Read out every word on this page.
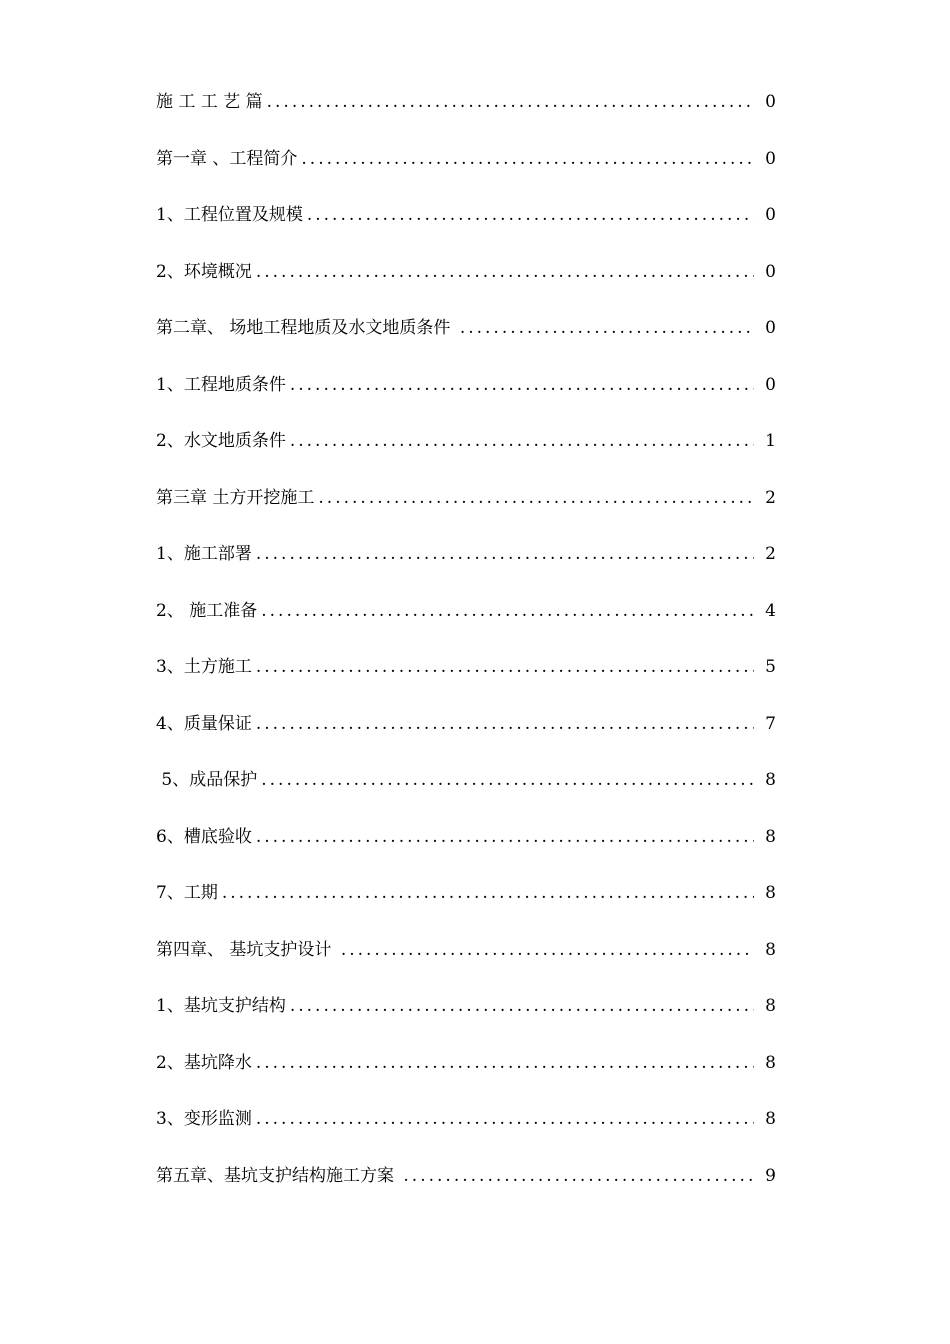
施 工 工 艺 篇 .....	0
第一章 、工程简介 .....	0
1、工程位置及规模 .....	0
2、环境概况 .....	0
第二章、 场地工程地质及水文地质条件 .....	0
1、工程地质条件 .....	0
2、水文地质条件 .....	1
第三章 土方开挖施工 .....	2
1、施工部署 .....	2
2、 施工准备 .....	4
3、土方施工 .....	5
4、质量保证 .....	7
5、成品保护 .....	8
6、槽底验收 .....	8
7、工期 .....	8
第四章、 基坑支护设计 .....	8
1、基坑支护结构 .....	8
2、基坑降水 .....	8
3、变形监测 .....	8
第五章、基坑支护结构施工方案 .....	9
